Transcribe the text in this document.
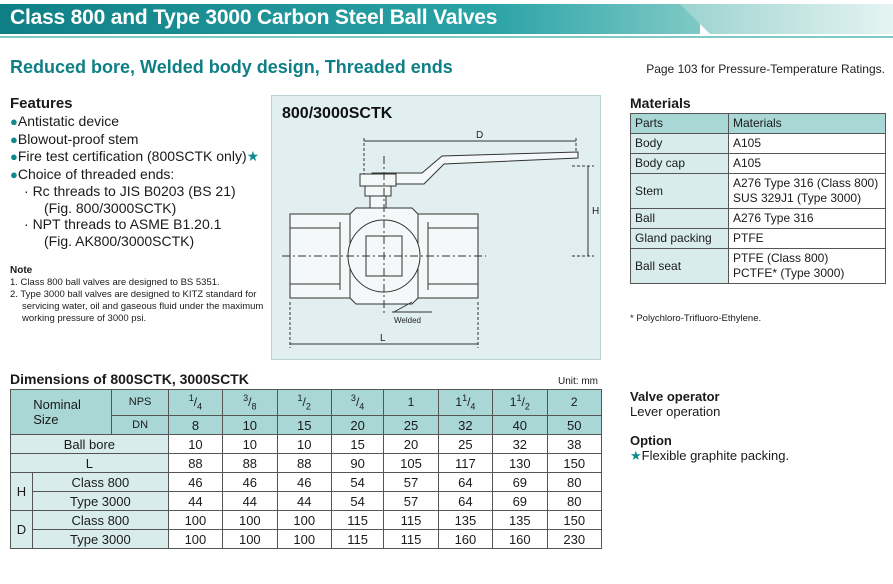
Class 800 and Type 3000 Carbon Steel Ball Valves
Reduced bore, Welded body design, Threaded ends	Page 103 for Pressure-Temperature Ratings.
Features
●Antistatic device
●Blowout-proof stem
●Fire test certification (800SCTK only)★
●Choice of threaded ends:
· Rc threads to JIS B0203 (BS 21)
(Fig. 800/3000SCTK)
· NPT threads to ASME B1.20.1
(Fig. AK800/3000SCTK)
Note
1. Class 800 ball valves are designed to BS 5351.
2. Type 3000 ball valves are designed to KITZ standard for servicing water, oil and gaseous fluid under the maximum working pressure of 3000 psi.
800/3000SCTK
D
H
L
Welded
Materials
Parts	Materials
Body	A105
Body cap	A105
Stem	A276 Type 316 (Class 800)
SUS 329J1 (Type 3000)

Ball	A276 Type 316
Gland packing	PTFE
Ball seat	PTFE (Class 800)
PCTFE* (Type 3000)
* Polychloro-Trifluoro-Ethylene.
Valve operator
Lever operation
Option
★Flexible graphite packing.
Dimensions of 800SCTK, 3000SCTK	Unit: mm
Nominal Size		NPS	$^1/_4$	$^3/_8$	$^1/_2$	$^3/_4$	1	$1^1/_4$	$1^1/_2$	2
		DN	8	10	15	20	25	32	40	50
Ball bore			10	10	10	15	20	25	32	38
L			88	88	88	90	105	117	130	150
H	Class 800		46	46	46	54	57	64	69	80
	Type 3000		44	44	44	54	57	64	69	80
D	Class 800		100	100	100	115	115	135	135	150
	Type 3000		100	100	100	115	115	160	160	230
